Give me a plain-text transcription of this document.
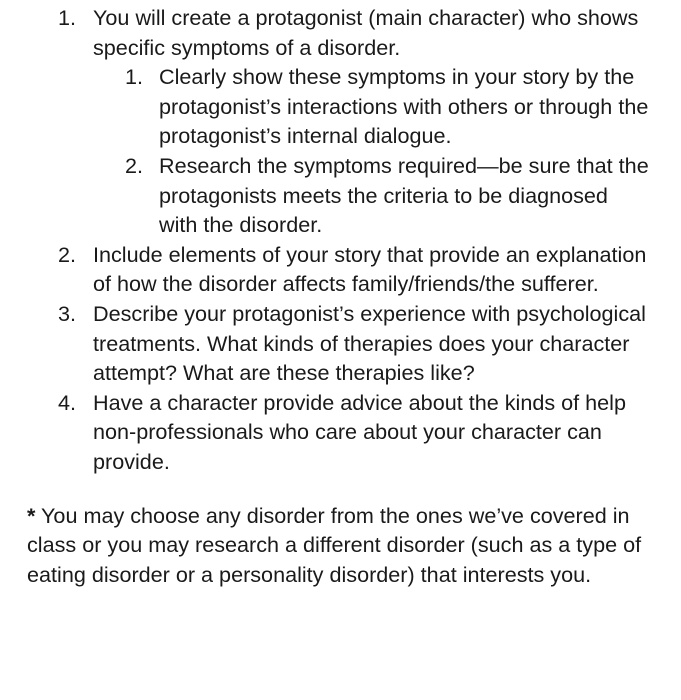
1. You will create a protagonist (main character) who shows specific symptoms of a disorder.
1. Clearly show these symptoms in your story by the protagonist’s interactions with others or through the protagonist’s internal dialogue.
2. Research the symptoms required—be sure that the protagonists meets the criteria to be diagnosed with the disorder.
2. Include elements of your story that provide an explanation of how the disorder affects family/friends/the sufferer.
3. Describe your protagonist’s experience with psychological treatments. What kinds of therapies does your character attempt? What are these therapies like?
4. Have a character provide advice about the kinds of help non-professionals who care about your character can provide.

* You may choose any disorder from the ones we’ve covered in class or you may research a different disorder (such as a type of eating disorder or a personality disorder) that interests you.
